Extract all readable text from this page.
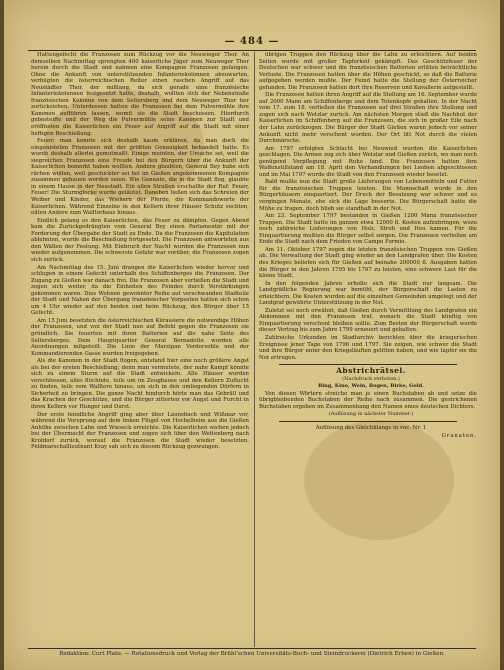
— 484 —

Hattengefecht die Franzosen zum Rückzug vor die Neuwieger Thor. An demselben Nachmittag sprengten 400 kaiserliche Jäger zum Neuweger Thor herein durch die Stadt und nahmen eine Kompagnie Franzosen gefangen. Ohne die Ankunft von unterstützenden Infanteriekolonnen abzuwarten, verfolgten die österreichischen Reiter einen raschen Angriff auf das Neustädter Thor, der mißlang, da sich gerade eine französische Infanteriekolonnen festgesetzt hatte, deshalb, wollten sich der Nebenstraße französischen Kolonne von dem Seltersberg und dem Neuweger Thor her zurückziehen. Unterdessen hatten die Franzosen bei dem Pulvermühle ihre Kanonen aufführen lassen, womit sie die Stadt beschossen. Hierdurch gebesteifte und der Weg die Pulvermühle seine Kanonen zur Stadt und eröffneten die Kaiserlichen ein Feuer auf Angriff auf die Stadt mit einer heftigen Beschießung.

Feuer; man konnte sich deshalb kaum erklären, da man doch die eingenisteten Franzosen mit der größten Genauigkeit behandelt hatte. Es wurde deshalb allerlei gemutmaßt. Einige meinten, der Ursache sei, weil die siegreichen Franzosen eine Freude bei den Bürgern über die Ankunft der Kaiserlichen bemerkt haben wollten. Andere glaubten, General Bey habe sich rächen wollen, weil geschickter sei bei im Gießen angekommenen Kompagnie zusammen gehauen worden seien. Wie Gennate, die in die Stadt flog, glaubte in einem Hause in der Neustadt. Ein allen Straßen erschallte der Ruf: Feuer, Feuer! Die Sturmglocke wurde geläutet. Daneben ließen sich das Schreien der Weiber und Kinder, das Wiehern der Pferde, die Kommandoworte der Kaiserlichen. Während Einzelne in den Kellern ihrer Häuser Schutz suchten, eilten Andere zum Walltorhaus hinaus.

Endlich gelang es den Kaiserlichen, das Feuer zu dämpfen. Gegen Abend kam die Zurückgedrängten vom General Bey einen Parlamentär mit der Forderung der Übergabe der Stadt zu Ende. Da die Franzosen die Kapitulation ablehnten, wurde die Beschießung fortgesetzt. Die Franzosen antworteten aus den Wällen der Festung. Mit Einbruch der Nacht wurden die Franzosen nun wieder aufgenommen. Die schwerste Gefahr war vorüber, die Franzosen zogen sich zurück.

Am Nachmittag des 15. Juni drangen die Kaiserlichen wieder hervor und schlugen in einem Gefecht unterhalb des Schiffenberges die Franzosen. Der Zugang zu Gießen war danach frei. Die Franzosen aber verließen die Stadt und zogen sich weiter, da die Einheiten des Feindes durch Verstärkungen gekommen waren. Dies Wohnen gewohnter Reihe auf verschwanden Stadteile der Stadt und Nahen der Übergang französischer Vorposten hatten sich schon um 4 Uhr wieder auf den beiden und beim Rückzug, den Bürger über 15 Gefecht.

Am 15 Juni besetzten die österreichischen Kürassiere die notwendige Höhen der Franzosen, und von der Stadt nun auf Befehl gegen die Franzosen sie gründlich. Sie feuerten mit ihren Batterien auf die nahe Seite des Seltersberges. Dem Hauptquartier General Bernadotte wurden alle Anordnungen mitgeteilt. Die Linie der Marzipan Vordersohle und der Kommandierenden Gasse wurden freigegeben.

Als die Kanonen in der Stadt flogen, entstand hier eine noch größere Angst als bei der ersten Beschießung; denn man vermutete, der nahe Kampf könnte sich zu einem Sturm auf die Stadt entwickeln. Alle Häuser wurden verschlossen, alles flüchtete, teils um im Zeughause und den Kellern Zuflucht zu finden, teils vom Walltore hinaus, um sich in den umliegenden Dörfern in Sicherheit zu bringen. Die ganze Nacht hindurch hörte man das Gebrüll und das Krachen der Geschütze, und die Bürger zitterten vor Angst und Furcht in ihren Kellern vor Hunger und Durst.

Der erste feindliche Angriff ging aber über Launsbach und Wißmar vor, während die Vorsprung auf dem linken Flügel von Hochelheim aus die Gießen Anhöhe zwischen Lahn und Wieseck erreichte. Die Kaiserlichen wichen jedoch bei der Übermacht der Franzosen und zogen sich über den Wettenberg nach Krofdorf zurück, worauf die Franzosen die Stadt wieder besetzten. Feldmarschallleutnant Kray sah sich zu diesem Rückzug gezwungen.

übrigen Truppen den Rückzug über die Lahn zu erleichtern. Auf beiden Seiten wurde mit großer Tapferkeit gekämpft. Das Geschützfeuer der Deutschen war schwer und die französischen Batterien erlitten beträchtliche Verluste. Die Franzosen hatten über die Höhen geschickt, so daß die Batterie aufgegeben werden mußte. Der Feind hatte die Stellung der Österreicher gefunden. Die Franzosen hatten dort ihre Reserven und Kavallerie aufgestellt.

Die Franzosen hatten ihren Angriff auf die Stellung am 16. September wurde auf 2000 Mann am Schiffenberge und dem Totenkopfe gehalten. In der Nacht vom 17. zum 18. verließen die Franzosen auf drei Straßen ihre Stellung und zogen sich nach Wetzlar zurück. Am nächsten Morgen stieß die Nachhut der Kaiserlichen im Schiffenberg auf die Franzosen, die sich in großer Eile nach der Lahn zurückzogen. Die Bürger der Stadt Gießen waren jedoch vor seiner Ankunft nicht mehr verschont worden. Der Ort litt Not durch die vielen Durchmärsche.

Am 1797 erfolgten Schlacht bei Neuwied wurden die Kaiserlichen geschlagen. Die Armee zog sich über Wetzlar und Gießen zurück, wo man noch genügend Verpflegung mit Ruhe fand. Die Franzosen hatten ihre Waffenstillstand am 18. April den Verhandlungen bei Leoben abgeschlossen und im Mai 1797 wurde die Stadt von den Franzosen wieder besetzt.

Bald mußte nun die Stadt große Lieferungen von Lebensmitteln und Futter für die französischen Truppen leisten. Die Mannschaft wurde in den Bürgerhäusern einquartiert. Der Druck der Besatzung war schwer und es vergingen Monate, ehe sich die Lage besserte. Die Bürgerschaft hatte die Mühe zu tragen, doch blieb sie standhaft in der Not.

Am 23. September 1797 bestanden in Gießen 1200 Mann französischer Truppen. Die Stadt hatte im ganzen etwa 12000 fl. Kosten aufzubringen, wozu noch zahlreiche Lieferungen von Holz, Stroh und Heu kamen. Für die Einquartierung mußten die Bürger selbst sorgen. Die Franzosen verließen am Ende die Stadt nach dem Frieden von Campo Formio.

Am 11. Oktober 1797 zogen die letzten französischen Truppen von Gießen ab. Die Verwaltung der Stadt ging wieder an den Landgrafen über. Die Kosten des Krieges beliefen sich für Gießen auf beinahe 200000 fl. Ausgaben hatten die Bürger in den Jahren 1795 bis 1797 zu leisten, eine schwere Last für die kleine Stadt.

In den folgenden Jahren erholte sich die Stadt nur langsam. Die Landgräfliche Regierung war bemüht, der Bürgerschaft die Lasten zu erleichtern. Die Kosten wurden auf die einzelnen Gemeinden umgelegt und der Landgraf gewährte Unterstützung in der Not.

Zuletzt sei noch erwähnt, daß Gießen durch Vermittlung des Landgrafen ein Abkommen mit den Franzosen traf, wonach die Stadt künftig von Einquartierung verschont bleiben sollte. Zum Besten der Bürgerschaft wurde dieser Vertrag bis zum Jahre 1799 erneuert und gehalten.

Zahlreiche Urkunden im Stadtarchiv berichten über die kriegerischen Ereignisse jener Tage von 1796 und 1797. Sie zeigen, wie schwer die Stadt und ihre Bürger unter den Kriegsläuften gelitten haben, und wie tapfer sie die Not ertrugen.

Abstrichrätsel.

(Nachdruck verboten.)

Ring, Kino, Wein, Bogen, Birke, Gold.

Von diesen Wörtern streiche man je einen Buchstaben ab und setze die übrigbleibenden Buchstaben der Reihe nach zusammen. Die gestrichenen Buchstaben ergeben im Zusammenhang den Namen eines deutschen Dichters.

(Auflösung in nächster Nummer.)

Auflösung des Gleichklangs in voc. Nr. 1

Granaten.

Redaktion: Curt Plato. — Rotationsdruck und Verlag der Brühl'schen Universitäts-Buch- und Steindruckerei (Dietrich Erben) in Gießen.
